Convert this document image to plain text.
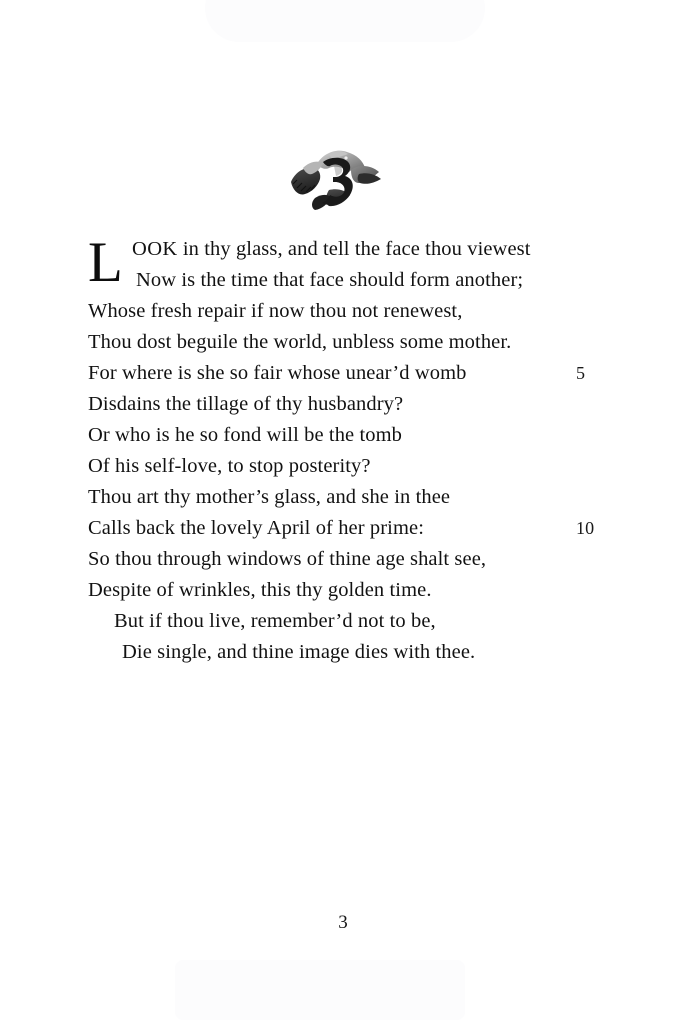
L OOK in thy glass, and tell the face thou viewest
Now is the time that face should form another;
Whose fresh repair if now thou not renewest,
Thou dost beguile the world, unbless some mother.
For where is she so fair whose unear’d womb	5
Disdains the tillage of thy husbandry?
Or who is he so fond will be the tomb
Of his self-love, to stop posterity?
Thou art thy mother’s glass, and she in thee
Calls back the lovely April of her prime:	10
So thou through windows of thine age shalt see,
Despite of wrinkles, this thy golden time.
But if thou live, remember’d not to be,
Die single, and thine image dies with thee.
3
